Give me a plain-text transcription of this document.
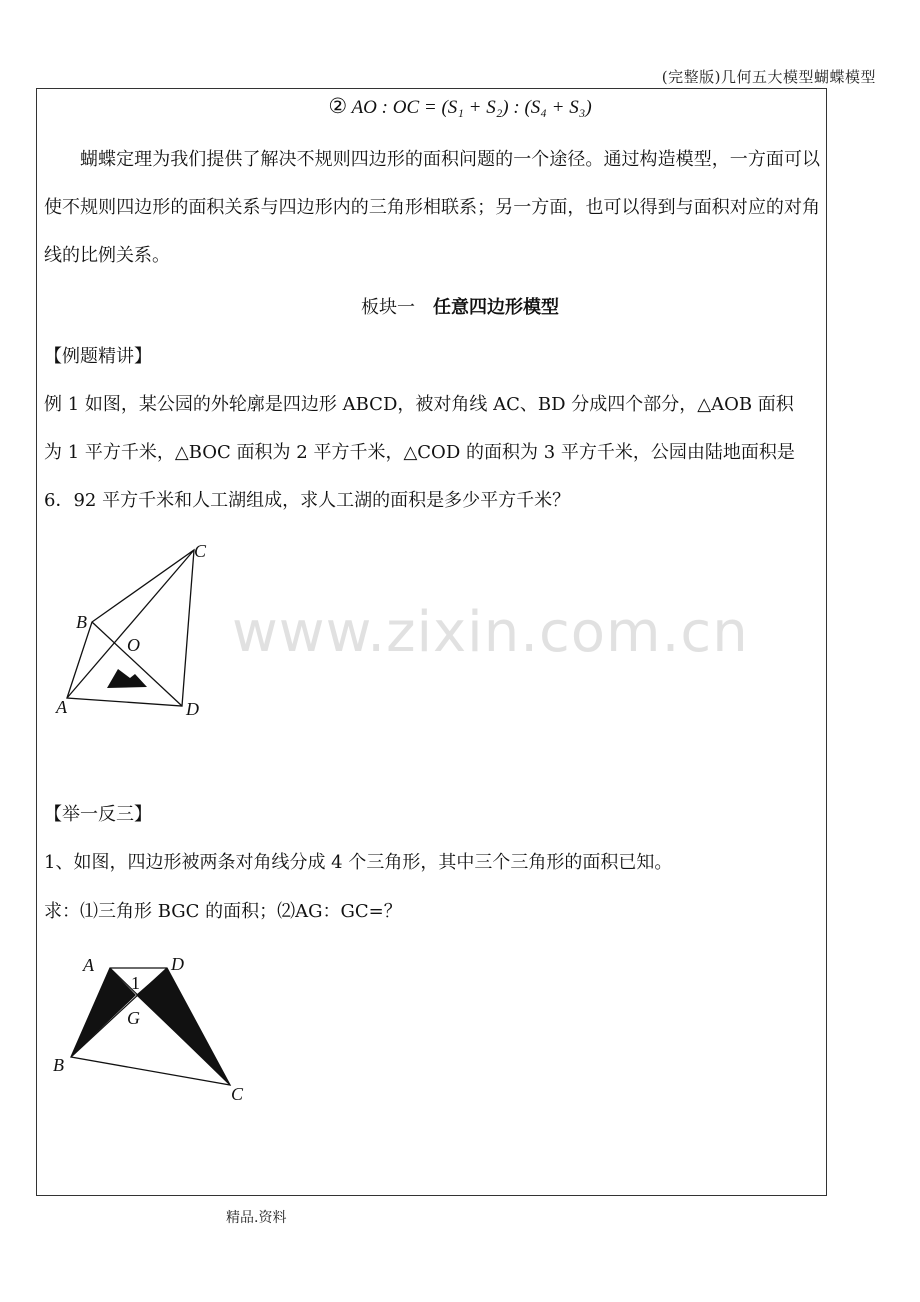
(完整版)几何五大模型蝴蝶模型
② AO : OC = (S₁ + S₂) : (S₄ + S₃)
蝴蝶定理为我们提供了解决不规则四边形的面积问题的一个途径。通过构造模型，一方面可以使不规则四边形的面积关系与四边形内的三角形相联系；另一方面，也可以得到与面积对应的对角线的比例关系。
板块一 任意四边形模型
【例题精讲】
例 1 如图，某公园的外轮廓是四边形 ABCD，被对角线 AC、BD 分成四个部分，△AOB 面积
为 1 平方千米，△BOC 面积为 2 平方千米，△COD 的面积为 3 平方千米，公园由陆地面积是
6．92 平方千米和人工湖组成，求人工湖的面积是多少平方千米？
A
B
C
D
O www.zixin.com.cn
【举一反三】
1、如图，四边形被两条对角线分成 4 个三角形，其中三个三角形的面积已知。
求：⑴三角形 BGC 的面积；⑵AG：GC=？
A	D
G
B
C
1
精品.资料
